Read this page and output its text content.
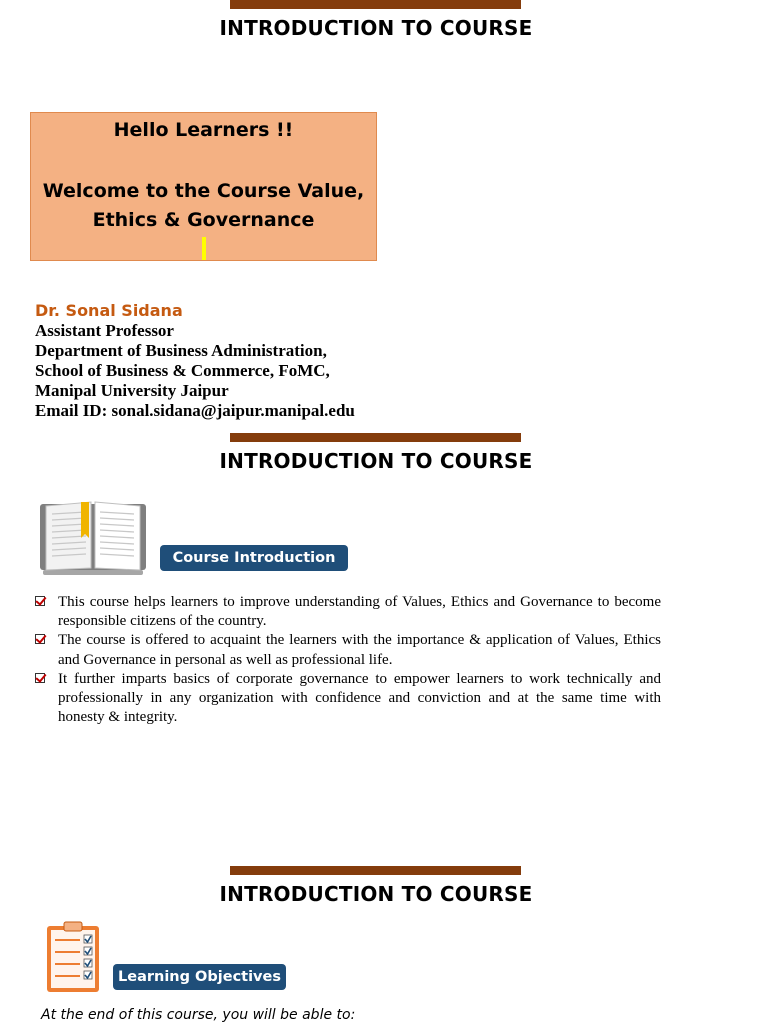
INTRODUCTION TO COURSE
Hello Learners !!
Welcome to the Course Value,
Ethics & Governance
Dr. Sonal Sidana
Assistant Professor
Department of Business Administration,
School of Business & Commerce, FoMC,
Manipal University Jaipur
Email ID: sonal.sidana@jaipur.manipal.edu
INTRODUCTION TO COURSE
Course Introduction
This course helps learners to improve understanding of Values, Ethics and Governance to become responsible citizens of the country.
The course is offered to acquaint the learners with the importance & application of Values, Ethics and Governance in personal as well as professional life.
It further imparts basics of corporate governance to empower learners to work technically and professionally in any organization with confidence and conviction and at the same time with honesty & integrity.
INTRODUCTION TO COURSE
Learning Objectives
At the end of this course, you will be able to:
